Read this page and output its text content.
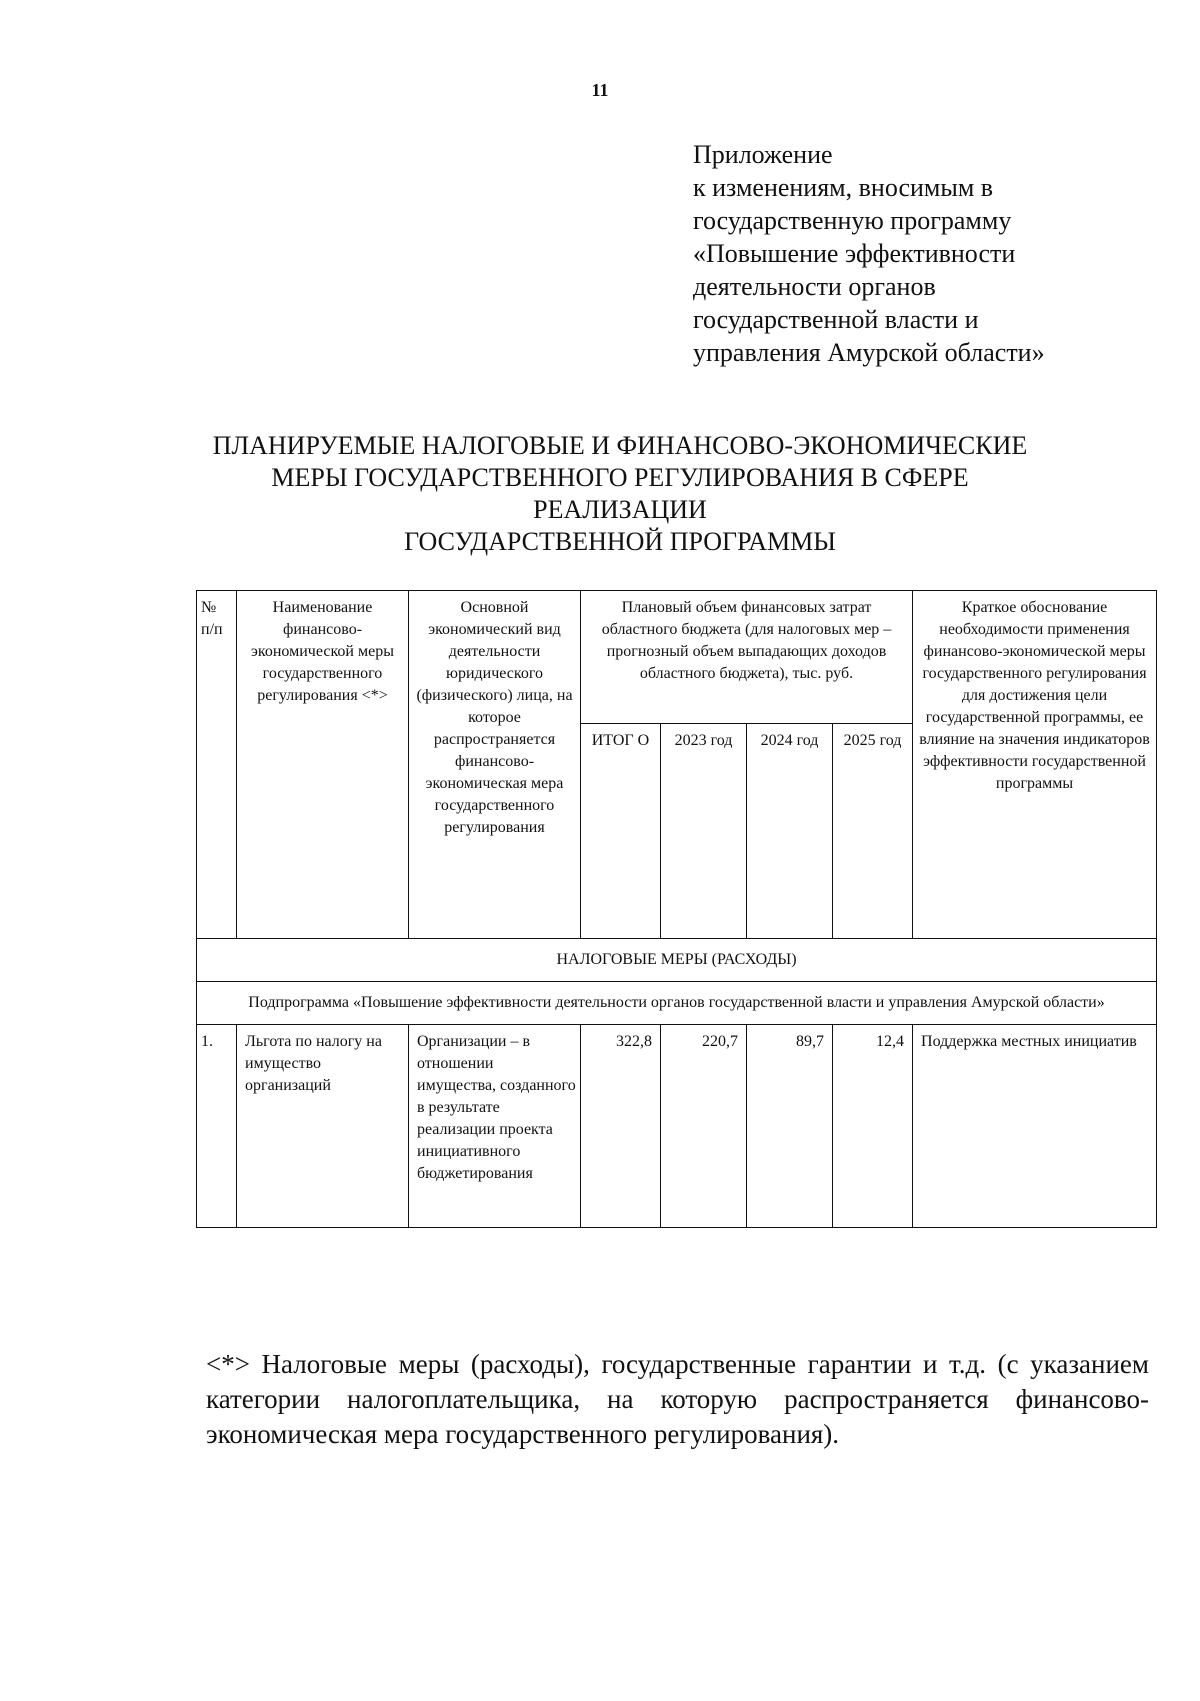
11
Приложение
к изменениям, вносимым в
государственную программу
«Повышение эффективности
деятельности органов
государственной власти и
управления Амурской области»
ПЛАНИРУЕМЫЕ НАЛОГОВЫЕ И ФИНАНСОВО-ЭКОНОМИЧЕСКИЕ
МЕРЫ ГОСУДАРСТВЕННОГО РЕГУЛИРОВАНИЯ В СФЕРЕ
РЕАЛИЗАЦИИ
ГОСУДАРСТВЕННОЙ ПРОГРАММЫ
№ п/п	Наименование финансово-экономической меры государственного регулирования <*>	Основной экономический вид деятельности юридического (физического) лица, на которое распространяется финансово-экономическая мера государственного регулирования	Плановый объем финансовых затрат областного бюджета (для налоговых мер – прогнозный объем выпадающих доходов областного бюджета), тыс. руб.				Краткое обоснование необходимости применения финансово-экономической меры государственного регулирования для достижения цели государственной программы, ее влияние на значения индикаторов эффективности государственной программы
			ИТОГ О	2023 год	2024 год	2025 год	
НАЛОГОВЫЕ МЕРЫ (РАСХОДЫ)							
Подпрограмма «Повышение эффективности деятельности органов государственной власти и управления Амурской области»							
1.	Льгота по налогу на имущество организаций	Организации – в отношении имущества, созданного в результате реализации проекта инициативного бюджетирования	322,8	220,7	89,7	12,4	Поддержка местных инициатив
<*> Налоговые меры (расходы), государственные гарантии и т.д. (с указанием категории налогоплательщика, на которую распространяется финансово-экономическая мера государственного регулирования).
